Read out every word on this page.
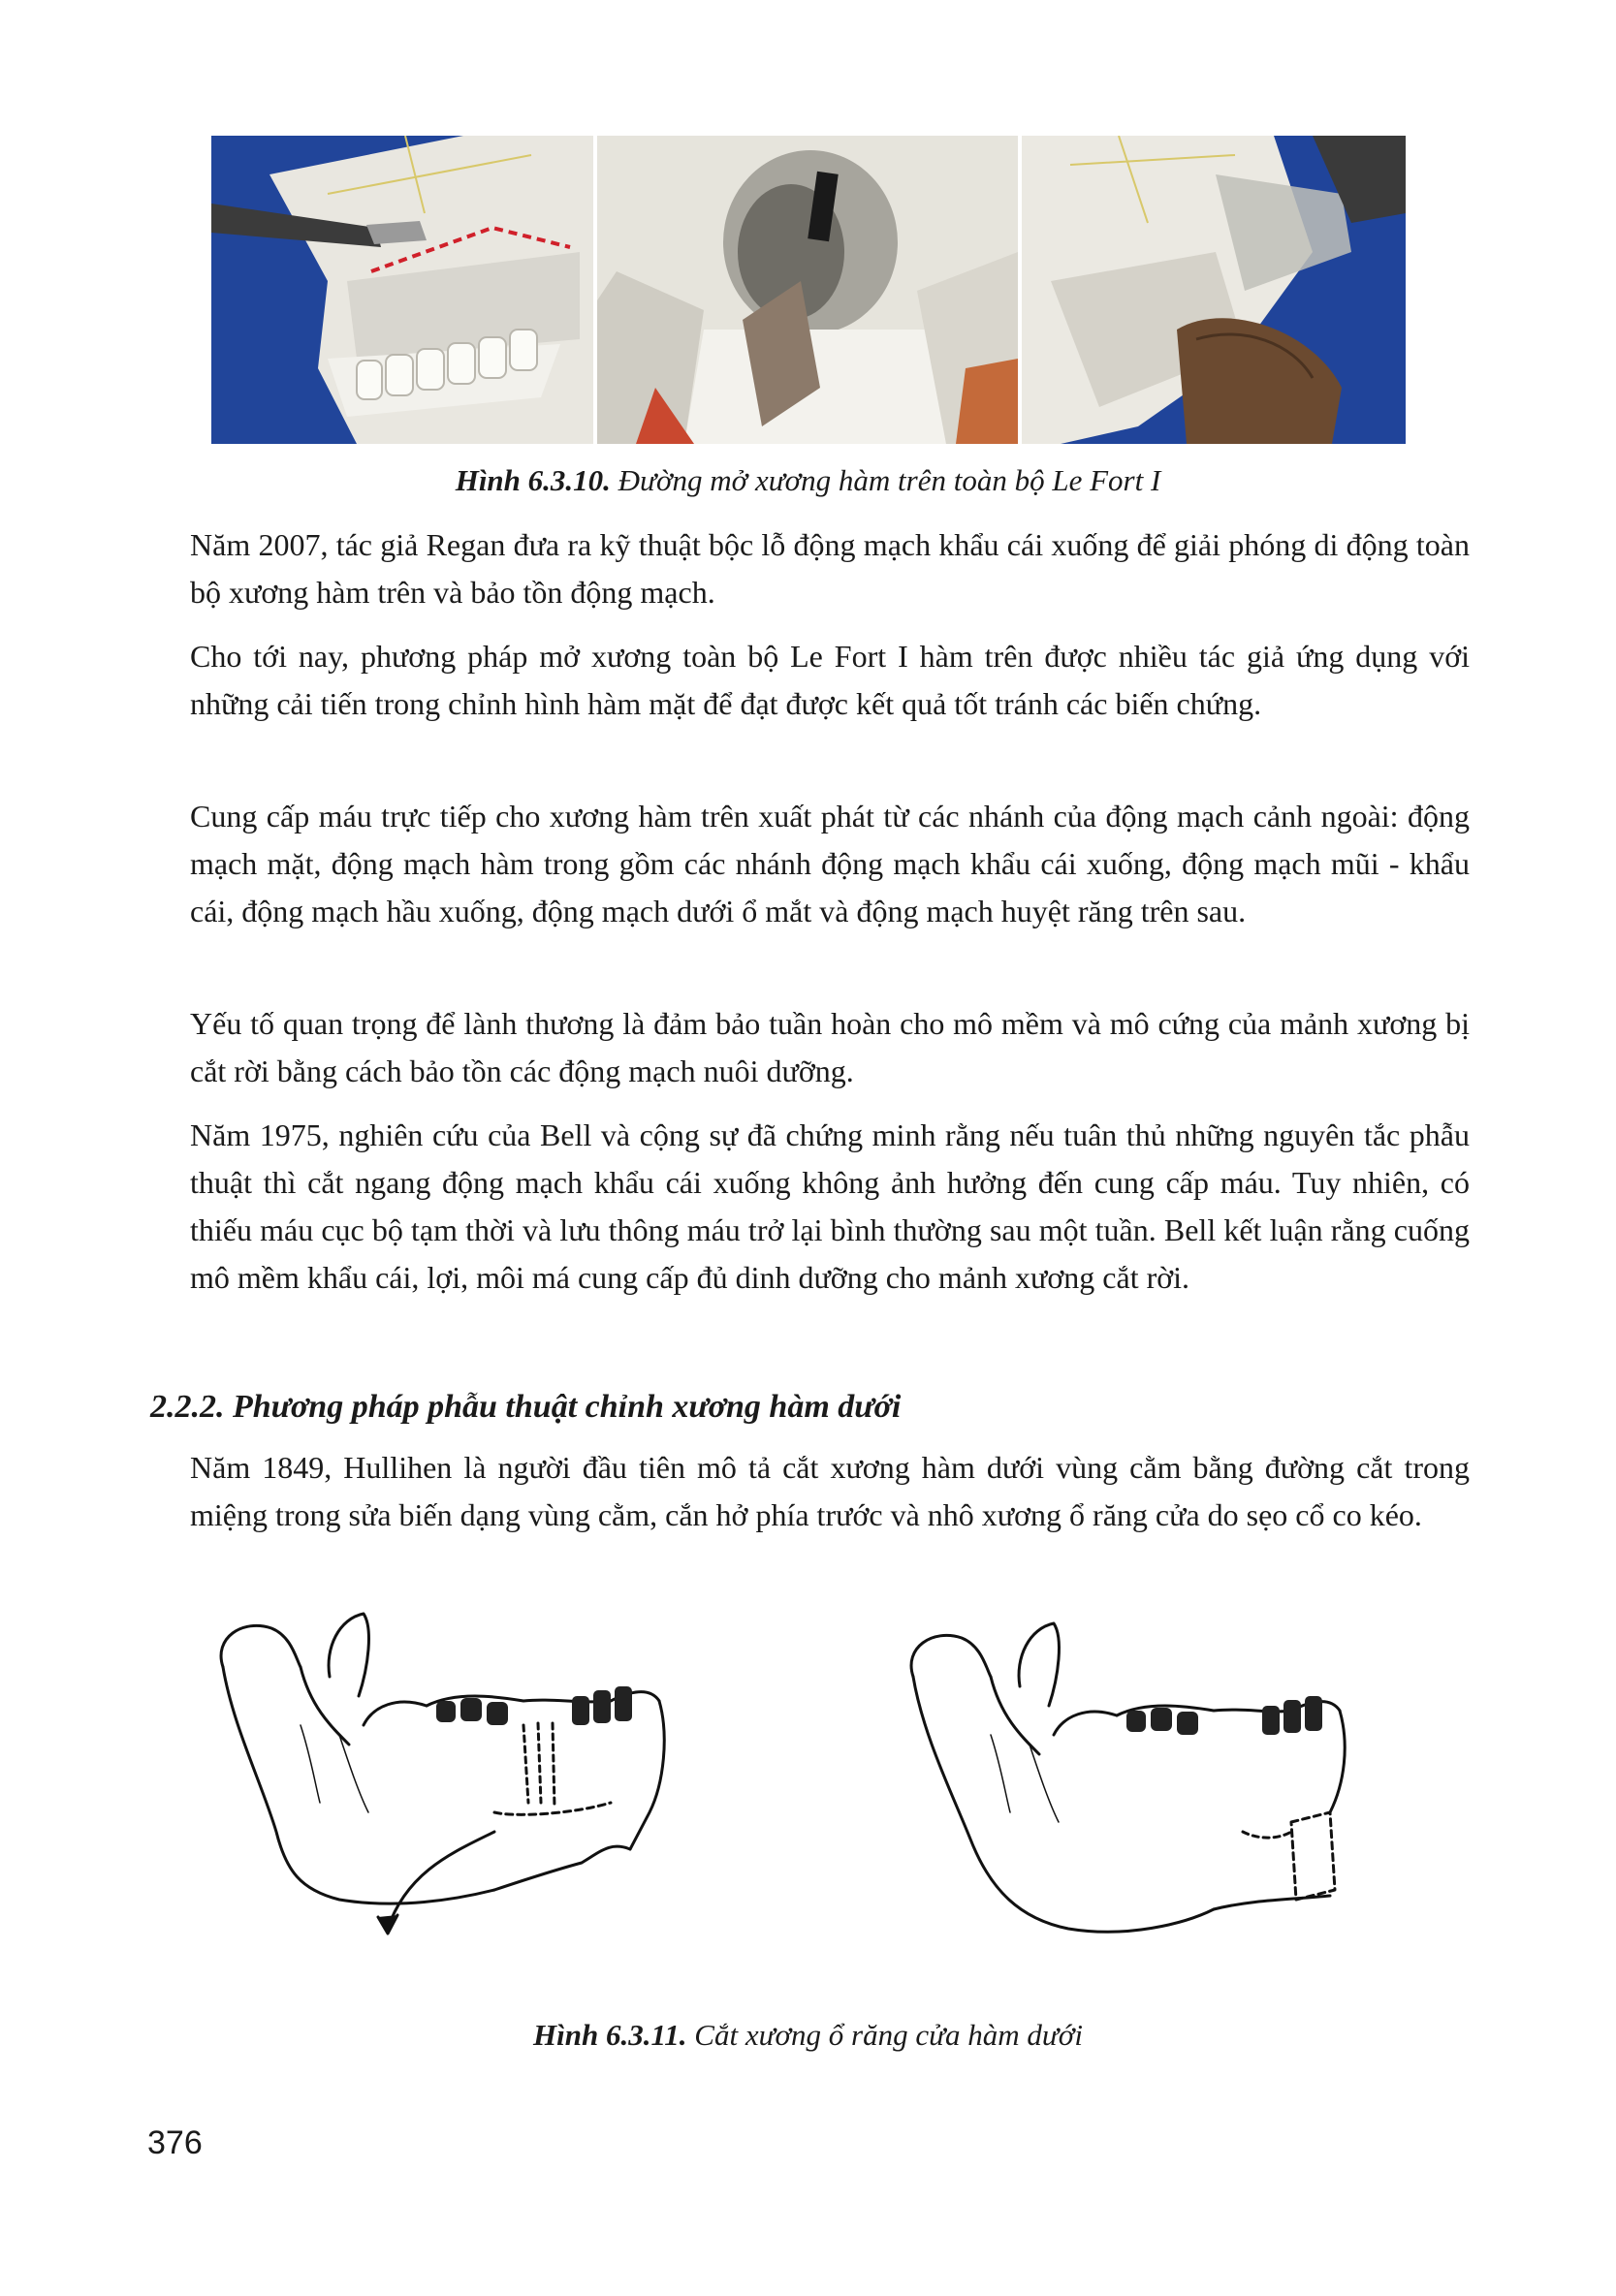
Hình 6.3.10. Đường mở xương hàm trên toàn bộ Le Fort I

Năm 2007, tác giả Regan đưa ra kỹ thuật bộc lỗ động mạch khẩu cái xuống để giải phóng di động toàn bộ xương hàm trên và bảo tồn động mạch.

Cho tới nay, phương pháp mở xương toàn bộ Le Fort I hàm trên được nhiều tác giả ứng dụng với những cải tiến trong chỉnh hình hàm mặt để đạt được kết quả tốt tránh các biến chứng.

Cung cấp máu trực tiếp cho xương hàm trên xuất phát từ các nhánh của động mạch cảnh ngoài: động mạch mặt, động mạch hàm trong gồm các nhánh động mạch khẩu cái xuống, động mạch mũi - khẩu cái, động mạch hầu xuống, động mạch dưới ổ mắt và động mạch huyệt răng trên sau.

Yếu tố quan trọng để lành thương là đảm bảo tuần hoàn cho mô mềm và mô cứng của mảnh xương bị cắt rời bằng cách bảo tồn các động mạch nuôi dưỡng.

Năm 1975, nghiên cứu của Bell và cộng sự đã chứng minh rằng nếu tuân thủ những nguyên tắc phẫu thuật thì cắt ngang động mạch khẩu cái xuống không ảnh hưởng đến cung cấp máu. Tuy nhiên, có thiếu máu cục bộ tạm thời và lưu thông máu trở lại bình thường sau một tuần. Bell kết luận rằng cuống mô mềm khẩu cái, lợi, môi má cung cấp đủ dinh dưỡng cho mảnh xương cắt rời.

2.2.2. Phương pháp phẫu thuật chỉnh xương hàm dưới

Năm 1849, Hullihen là người đầu tiên mô tả cắt xương hàm dưới vùng cằm bằng đường cắt trong miệng trong sửa biến dạng vùng cằm, cắn hở phía trước và nhô xương ổ răng cửa do sẹo cổ co kéo.

Hình 6.3.11. Cắt xương ổ răng cửa hàm dưới
376
